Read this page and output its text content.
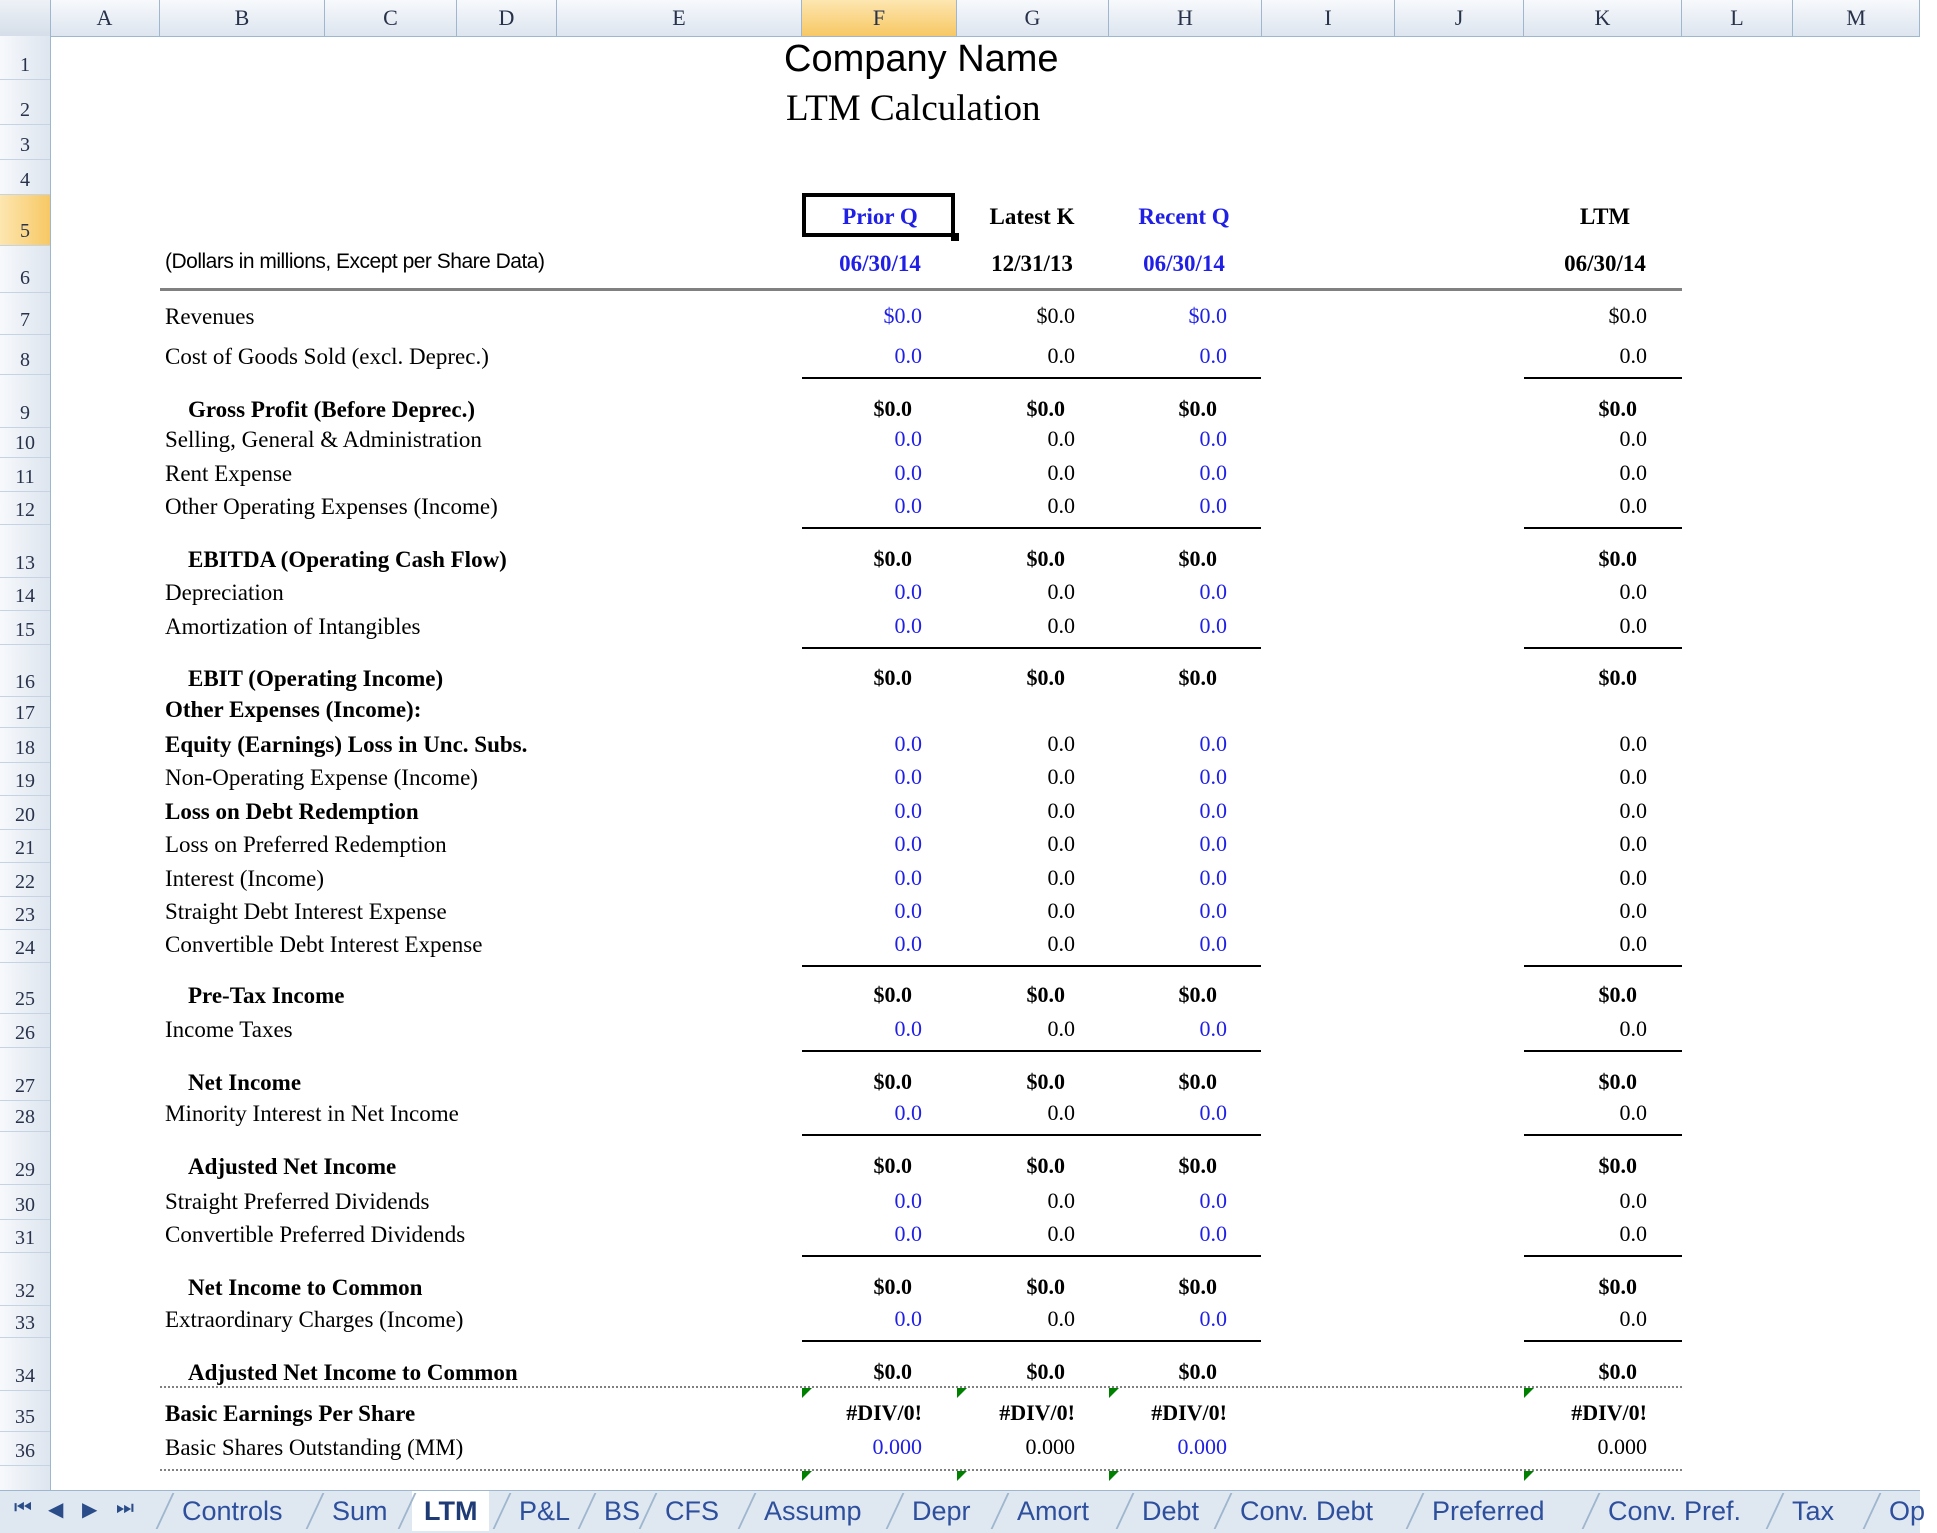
A	B	C	D	E	F	G	H	I	J	K	L	M
1
2
3
4
5
6
7
8
9
10
11
12
13
14
15
16
17
18
19
20
21
22
23
24
25
26
27
28
29
30
31
32
33
34
35
36
Company Name
LTM Calculation
(Dollars in millions, Except per Share Data)
Prior Q	Latest K	Recent Q	LTM
06/30/14	12/31/13	06/30/14	06/30/14
Revenues	$0.0	$0.0	$0.0	$0.0
Cost of Goods Sold (excl. Deprec.)	0.0	0.0	0.0	0.0
Gross Profit (Before Deprec.)	$0.0	$0.0	$0.0	$0.0
Selling, General & Administration	0.0	0.0	0.0	0.0
Rent Expense	0.0	0.0	0.0	0.0
Other Operating Expenses (Income)	0.0	0.0	0.0	0.0
EBITDA (Operating Cash Flow)	$0.0	$0.0	$0.0	$0.0
Depreciation	0.0	0.0	0.0	0.0
Amortization of Intangibles	0.0	0.0	0.0	0.0
EBIT (Operating Income)	$0.0	$0.0	$0.0	$0.0
Other Expenses (Income):
Equity (Earnings) Loss in Unc. Subs.	0.0	0.0	0.0	0.0
Non-Operating Expense (Income)	0.0	0.0	0.0	0.0
Loss on Debt Redemption	0.0	0.0	0.0	0.0
Loss on Preferred Redemption	0.0	0.0	0.0	0.0
Interest (Income)	0.0	0.0	0.0	0.0
Straight Debt Interest Expense	0.0	0.0	0.0	0.0
Convertible Debt Interest Expense	0.0	0.0	0.0	0.0
Pre-Tax Income	$0.0	$0.0	$0.0	$0.0
Income Taxes	0.0	0.0	0.0	0.0
Net Income	$0.0	$0.0	$0.0	$0.0
Minority Interest in Net Income	0.0	0.0	0.0	0.0
Adjusted Net Income	$0.0	$0.0	$0.0	$0.0
Straight Preferred Dividends	0.0	0.0	0.0	0.0
Convertible Preferred Dividends	0.0	0.0	0.0	0.0
Net Income to Common	$0.0	$0.0	$0.0	$0.0
Extraordinary Charges (Income)	0.0	0.0	0.0	0.0
Adjusted Net Income to Common	$0.0	$0.0	$0.0	$0.0
Basic Earnings Per Share	#DIV/0!	#DIV/0!	#DIV/0!	#DIV/0!
Basic Shares Outstanding (MM)	0.000	0.000	0.000	0.000
⏮ ◀ ▶ ⏭	Controls	Sum	LTM	P&L	BS CFS	Assump	Depr	Amort	Debt	Conv. Debt	Preferred	Conv. Pref.	Tax	Op
